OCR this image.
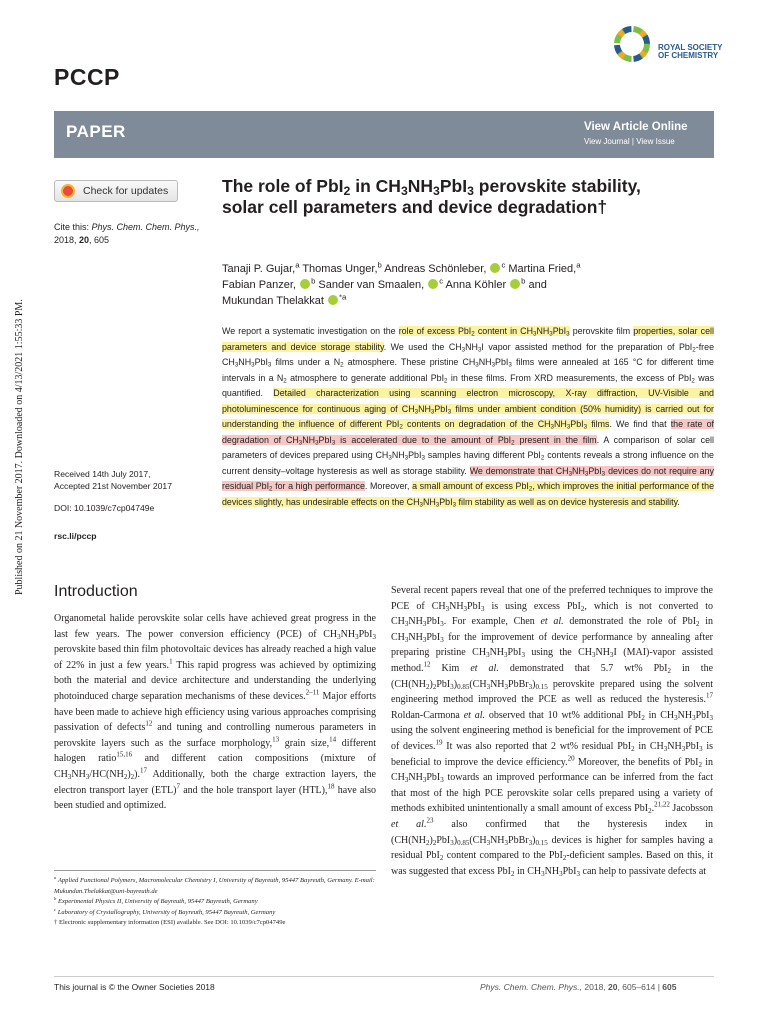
Published on 21 November 2017. Downloaded on 4/13/2021 1:55:33 PM.
PCCP
ROYAL SOCIETY
OF CHEMISTRY
PAPER	View Article Online
View Journal | View Issue
Check for updates
Cite this: Phys. Chem. Chem. Phys.,
2018, 20, 605
The role of PbI$_2$ in $CH_3NH_3PbI_3$ perovskite stability, solar cell parameters and device degradation†
Tanaji P. Gujar,$^a$ Thomas Unger,$^b$ Andreas Schönleber, $^c$ Martina Fried,$^a$
Fabian Panzer, $^b$ Sander van Smaalen, $^c$ Anna Köhler $^b$ and
Mukundan Thelakkat $^{*a}$
We report a systematic investigation on the role of excess PbI$_2$ content in $CH_3NH_3PbI_3$ perovskite film properties, solar cell parameters and device storage stability. We used the $CH_3NH_3I$ vapor assisted method for the preparation of PbI$_2$-free $CH_3NH_3PbI_3$ films under a $N_2$ atmosphere. These pristine $CH_3NH_3PbI_3$ films were annealed at 165 °C for different time intervals in a $N_2$ atmosphere to generate additional PbI$_2$ in these films. From XRD measurements, the excess of PbI$_2$ was quantified. Detailed characterization using scanning electron microscopy, X-ray diffraction, UV-Visible and photoluminescence for continuous aging of $CH_3NH_3PbI_3$ films under ambient condition (50% humidity) is carried out for understanding the influence of different PbI$_2$ contents on degradation of the $CH_3NH_3PbI_3$ films. We find that the rate of degradation of $CH_3NH_3PbI_3$ is accelerated due to the amount of PbI$_2$ present in the film. A comparison of solar cell parameters of devices prepared using $CH_3NH_3PbI_3$ samples having different PbI$_2$ contents reveals a strong influence on the current density–voltage hysteresis as well as storage stability. We demonstrate that $CH_3NH_3PbI_3$ devices do not require any residual PbI$_2$ for a high performance. Moreover, a small amount of excess PbI$_2$, which improves the initial performance of the devices slightly, has undesirable effects on the $CH_3NH_3PbI_3$ film stability as well as on device hysteresis and stability.
Received 14th July 2017,
Accepted 21st November 2017
DOI: 10.1039/c7cp04749e
rsc.li/pccp
Introduction
Organometal halide perovskite solar cells have achieved great progress in the last few years. The power conversion efficiency (PCE) of $CH_3NH_3PbI_3$ perovskite based thin film photovoltaic devices has already reached a high value of 22% in just a few years.$^1$ This rapid progress was achieved by optimizing both the material and device architecture and understanding the underlying photoinduced charge separation mechanisms of these devices.$^{2-11}$ Major efforts have been made to achieve high efficiency using various approaches comprising passivation of defects$^{12}$ and tuning and controlling numerous parameters in perovskite layers such as the surface morphology,$^{13}$ grain size,$^{14}$ different halogen ratio$^{15,16}$ and different cation compositions (mixture of $CH_3NH_3/HC(NH_2)_2).^{17}$ Additionally, both the charge extraction layers, the electron transport layer (ETL)$^7$ and the hole transport layer (HTL),$^{18}$ have also been studied and optimized.
Several recent papers reveal that one of the preferred techniques to improve the PCE of $CH_3NH_3PbI_3$ is using excess PbI$_2$, which is not converted to $CH_3NH_3PbI_3$. For example, Chen et al. demonstrated the role of PbI$_2$ in $CH_3NH_3PbI_3$ for the improvement of device performance by annealing after preparing pristine $CH_3NH_3PbI_3$ using the $CH_3NH_3I$ (MAI)-vapor assisted method.$^{12}$ Kim et al. demonstrated that 5.7 wt% PbI$_2$ in the $(CH(NH_2)_2PbI_3)_{0.85}(CH_3NH_3PbBr_3)_{0.15}$ perovskite prepared using the solvent engineering method improved the PCE as well as reduced the hysteresis.$^{17}$ Roldan-Carmona et al. observed that 10 wt% additional PbI$_2$ in $CH_3NH_3PbI_3$ using the solvent engineering method is beneficial for the improvement of PCE of devices.$^{19}$ It was also reported that 2 wt% residual PbI$_2$ in $CH_3NH_3PbI_3$ is beneficial to improve the device efficiency.$^{20}$ Moreover, the benefits of PbI$_2$ in $CH_3NH_3PbI_3$ towards an improved performance can be inferred from the fact that most of the high PCE perovskite solar cells prepared using a variety of methods exhibited unintentionally a small amount of excess PbI$_2$.$^{21,22}$ Jacobsson et al.$^{23}$ also confirmed that the hysteresis index in $(CH(NH_2)_2PbI_3)_{0.85}(CH_3NH_3PbBr_3)_{0.15}$ devices is higher for samples having a residual PbI$_2$ content compared to the PbI$_2$-deficient samples. Based on this, it was suggested that excess PbI$_2$ in $CH_3NH_3PbI_3$ can help to passivate defects at
$^a$ Applied Functional Polymers, Macromolecular Chemistry I, University of Bayreuth, 95447 Bayreuth, Germany. E-mail: Mukundan.Thelakkat@uni-bayreuth.de
$^b$ Experimental Physics II, University of Bayreuth, 95447 Bayreuth, Germany
$^c$ Laboratory of Crystallography, University of Bayreuth, 95447 Bayreuth, Germany
† Electronic supplementary information (ESI) available. See DOI: 10.1039/c7cp04749e
This journal is © the Owner Societies 2018	Phys. Chem. Chem. Phys., 2018, 20, 605–614 | 605
